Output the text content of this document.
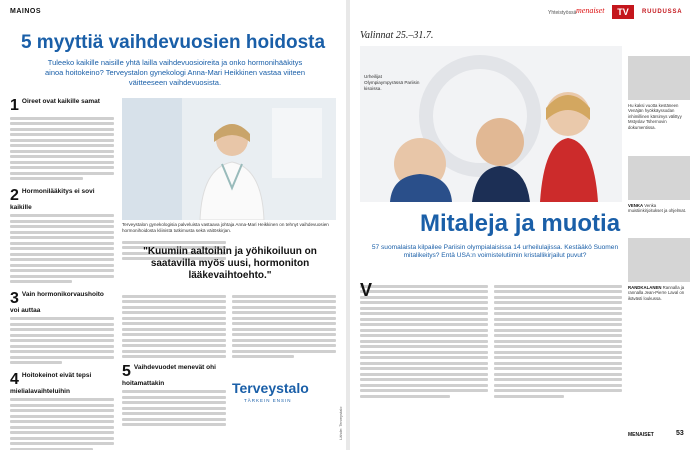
MAINOS
5 myyttiä vaihdevuosien hoidosta

Tuleeko kaikille naisille yhtä lailla vaihdevuosioireita ja onko hormonihääkitys ainoa hoitokeino? Terveystalon gynekologi Anna-Mari Heikkinen vastaa viiteen väitteeseen vaihdevuosista.

1 Oireet ovat kaikille samat
2 Hormonilääkitys ei sovi kaikille
3 Vain hormonikorvaushoito voi auttaa
4 Hoitokeinot eivät tepsi mielialavaihteluihin

Terveystalon gynekologisia palveluista vastaava johtaja Anna-Mari Heikkinen on tehnyt vaihdevuosien hormonihoidosta kliinistä tutkimusta sekä väitöskirjan.

"Kuumiin aaltoihin ja yöhikoiluun on saatavilla myös uusi, hormoniton lääkevaihtoehto."

5 Vaihdevuodet menevät ohi hoitamattakin	Terveystalo
TÄRKEIN ENSIN
Lähde: Terveystalo
Yhteistyössä menaiset	TV	RUUDUSSA
Valinnat 25.–31.7.

Urheilijat Olympiaympyrässä Pariisin kisoissa.

Mitaleja ja muotia

57 suomalaista kilpailee Pariisin olympialaisissa 14 urheilulajissa. Kestääkö Suomen mitalikeitys? Entä USA:n voimistelutiimin kristallikirjailut puvut?

V

Hu kaksi vuotta kestäneen Venäjän hyökkäyssodan inhimillinen kärsimys välittyy Mstyslav Tshernovin dokumentissa.

VENKA Venka muistiinkirjoitukset ja ohjelmat.

RANDKALANEN Rannalla ja rannalla Jean-Pierre Laval on ikävästi loukussa.

MENAISET	53
